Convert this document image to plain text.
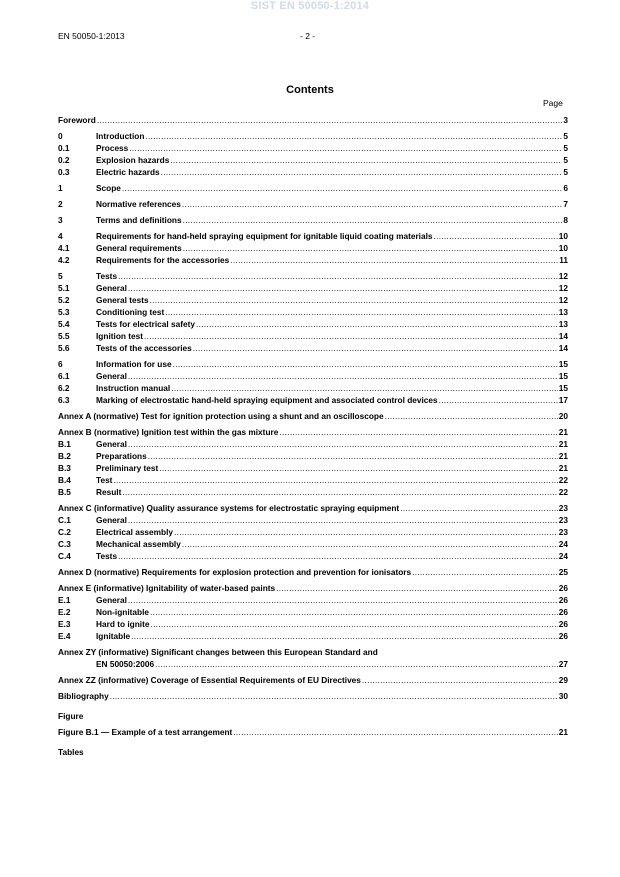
SIST EN 50050-1:2014
EN 50050-1:2013	- 2 -
Contents
Page
Foreword .....	3
0	Introduction .....	5
0.1	Process .....	5
0.2	Explosion hazards .....	5
0.3	Electric hazards .....	5
1	Scope .....	6
2	Normative references .....	7
3	Terms and definitions .....	8
4	Requirements for hand-held spraying equipment for ignitable liquid coating materials .....	10
4.1	General requirements .....	10
4.2	Requirements for the accessories .....	11
5	Tests .....	12
5.1	General .....	12
5.2	General tests .....	12
5.3	Conditioning test .....	13
5.4	Tests for electrical safety .....	13
5.5	Ignition test .....	14
5.6	Tests of the accessories .....	14
6	Information for use .....	15
6.1	General .....	15
6.2	Instruction manual .....	15
6.3	Marking of electrostatic hand-held spraying equipment and associated control devices .....	17
Annex A (normative) Test for ignition protection using a shunt and an oscilloscope .....	20
Annex B (normative) Ignition test within the gas mixture .....	21
B.1	General .....	21
B.2	Preparations .....	21
B.3	Preliminary test .....	21
B.4	Test .....	22
B.5	Result .....	22
Annex C (informative) Quality assurance systems for electrostatic spraying equipment .....	23
C.1	General .....	23
C.2	Electrical assembly .....	23
C.3	Mechanical assembly .....	24
C.4	Tests .....	24
Annex D (normative) Requirements for explosion protection and prevention for ionisators .....	25
Annex E (informative) Ignitability of water-based paints .....	26
E.1	General .....	26
E.2	Non-ignitable .....	26
E.3	Hard to ignite .....	26
E.4	Ignitable .....	26
Annex ZY (informative) Significant changes between this European Standard and
EN 50050:2006 .....	27
Annex ZZ (informative) Coverage of Essential Requirements of EU Directives .....	29
Bibliography .....	30
Figure
Figure B.1 — Example of a test arrangement .....	21
Tables
